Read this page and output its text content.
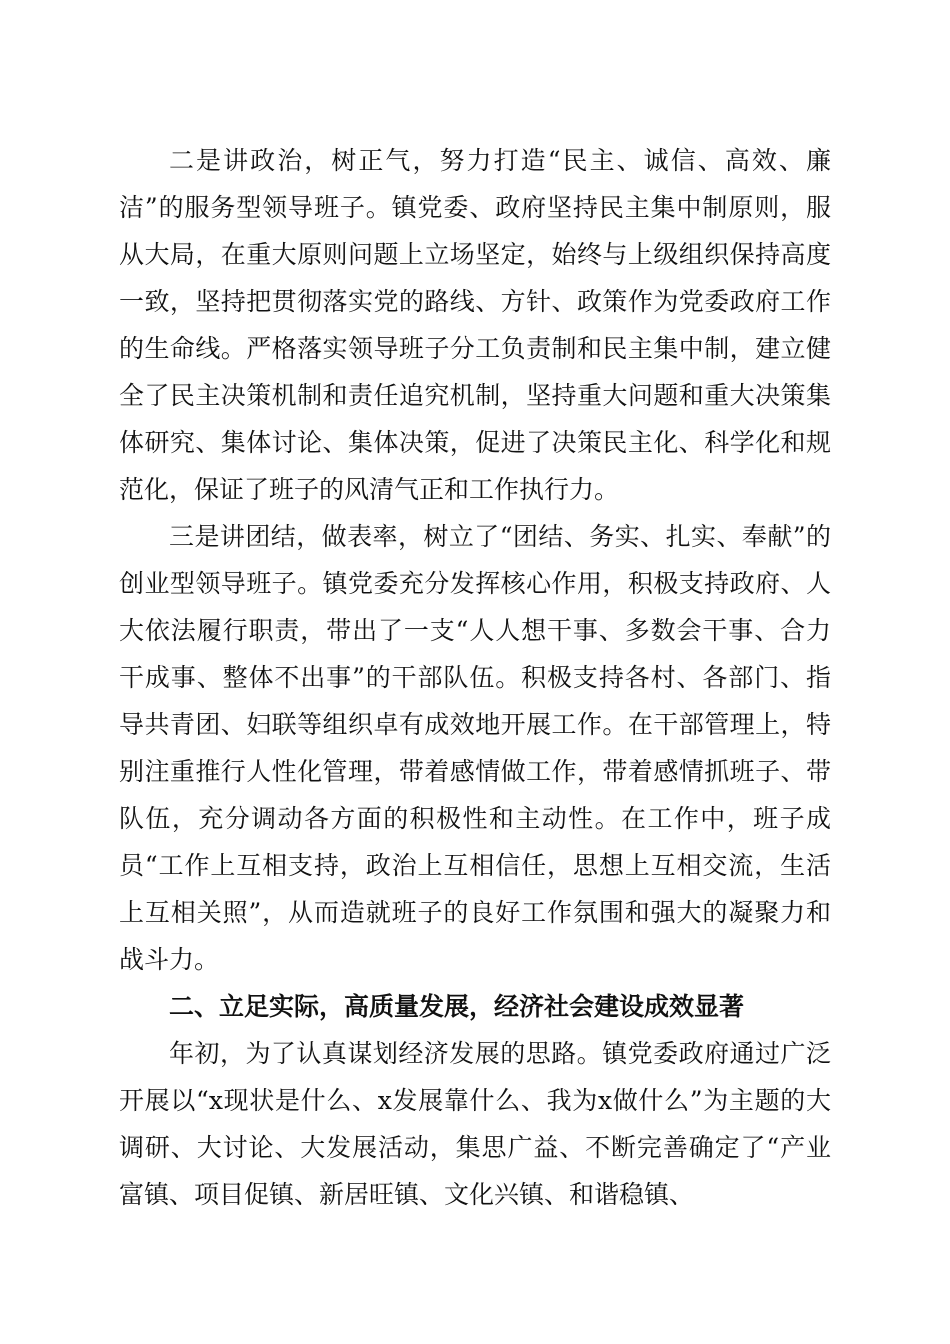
二是讲政治，树正气，努力打造“民主、诚信、高效、廉洁”的服务型领导班子。镇党委、政府坚持民主集中制原则，服从大局，在重大原则问题上立场坚定，始终与上级组织保持高度一致，坚持把贯彻落实党的路线、方针、政策作为党委政府工作的生命线。严格落实领导班子分工负责制和民主集中制，建立健全了民主决策机制和责任追究机制，坚持重大问题和重大决策集体研究、集体讨论、集体决策，促进了决策民主化、科学化和规范化，保证了班子的风清气正和工作执行力。

三是讲团结，做表率，树立了“团结、务实、扎实、奉献”的创业型领导班子。镇党委充分发挥核心作用，积极支持政府、人大依法履行职责，带出了一支“人人想干事、多数会干事、合力干成事、整体不出事”的干部队伍。积极支持各村、各部门、指导共青团、妇联等组织卓有成效地开展工作。在干部管理上，特别注重推行人性化管理，带着感情做工作，带着感情抓班子、带队伍，充分调动各方面的积极性和主动性。在工作中，班子成员“工作上互相支持，政治上互相信任，思想上互相交流，生活上互相关照”，从而造就班子的良好工作氛围和强大的凝聚力和战斗力。

二、立足实际，高质量发展，经济社会建设成效显著

年初，为了认真谋划经济发展的思路。镇党委政府通过广泛开展以“x现状是什么、x发展靠什么、我为x做什么”为主题的大调研、大讨论、大发展活动，集思广益、不断完善确定了“产业富镇、项目促镇、新居旺镇、文化兴镇、和谐稳镇、
